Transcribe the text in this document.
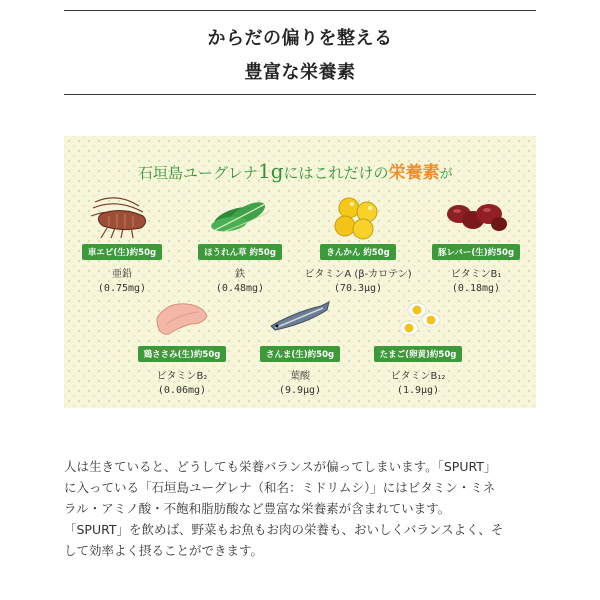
からだの偏りを整える
豊富な栄養素
石垣島ユーグレナ1gにはこれだけの栄養素が
車エビ(生)約50g
亜鉛
(0.75mg)
ほうれん草 約50g
鉄
(0.48mg)
きんかん 約50g
ビタミンA (β-カロテン)
(70.3μg)
豚レバー(生)約50g
ビタミンB₁
(0.18mg)
鶏ささみ(生)約50g
ビタミンB₂
(0.06mg)
さんま(生)約50g
葉酸
(9.9μg)
たまご(卵黄)約50g
ビタミンB₁₂
(1.9μg)

人は生きていると、どうしても栄養バランスが偏ってしまいます。「SPURT」

に入っている「石垣島ユーグレナ（和名：ミドリムシ）」にはビタミン・ミネ

ラル・アミノ酸・不飽和脂肪酸など豊富な栄養素が含まれています。

「SPURT」を飲めば、野菜もお魚もお肉の栄養も、おいしくバランスよく、そ

して効率よく摂ることができます。
